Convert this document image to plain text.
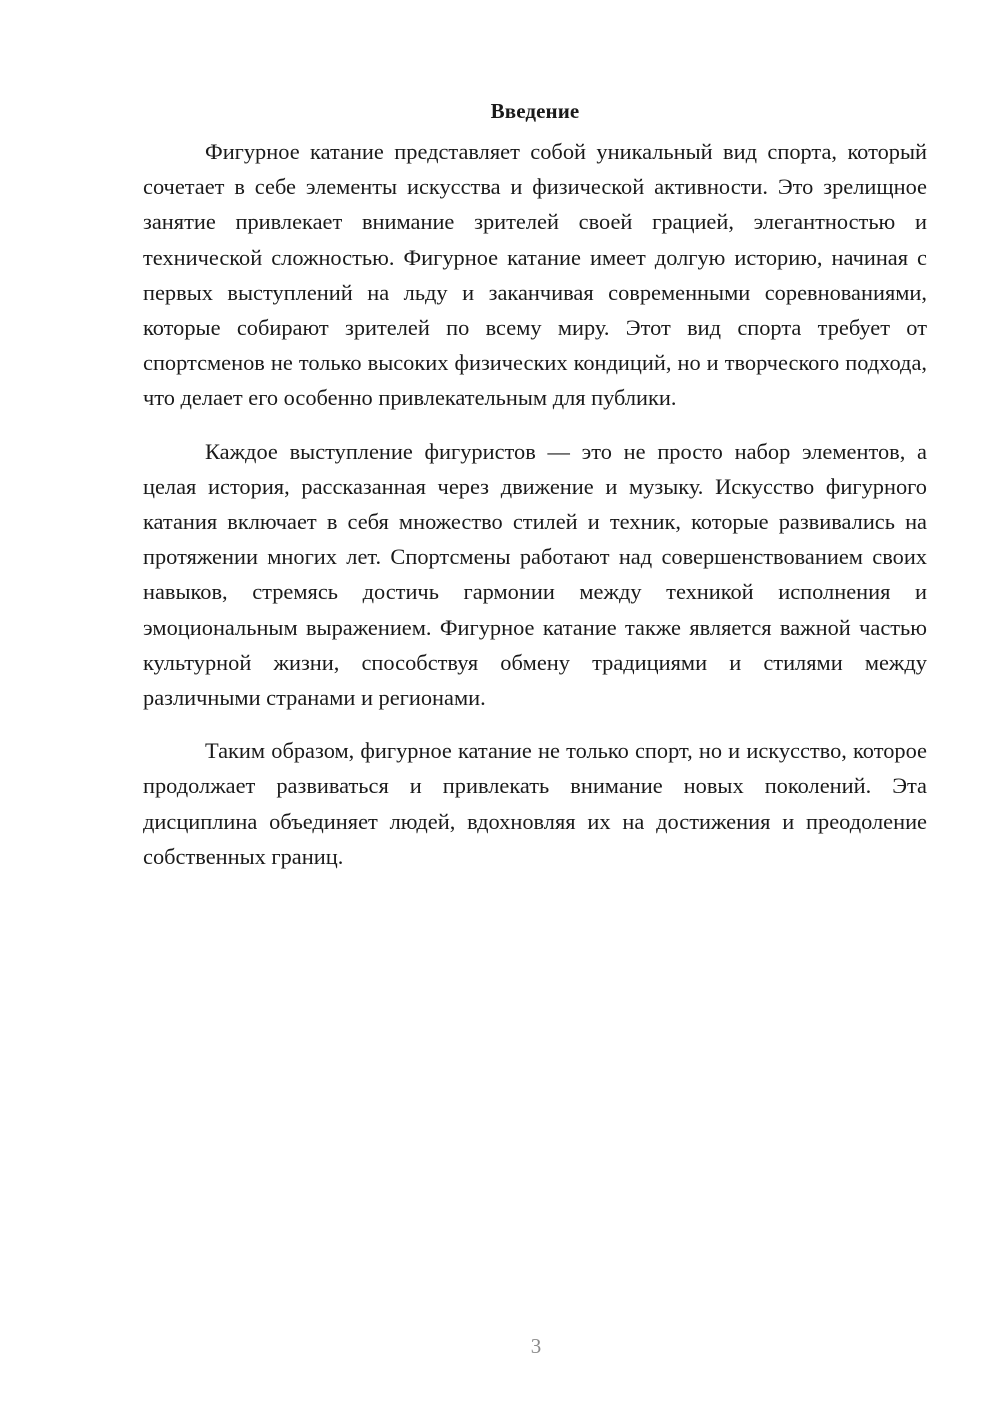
Введение

Фигурное катание представляет собой уникальный вид спорта, который сочетает в себе элементы искусства и физической активности. Это зрелищное занятие привлекает внимание зрителей своей грацией, элегантностью и технической сложностью. Фигурное катание имеет долгую историю, начиная с первых выступлений на льду и заканчивая современными соревнованиями, которые собирают зрителей по всему миру. Этот вид спорта требует от спортсменов не только высоких физических кондиций, но и творческого подхода, что делает его особенно привлекательным для публики.

Каждое выступление фигуристов — это не просто набор элементов, а целая история, рассказанная через движение и музыку. Искусство фигурного катания включает в себя множество стилей и техник, которые развивались на протяжении многих лет. Спортсмены работают над совершенствованием своих навыков, стремясь достичь гармонии между техникой исполнения и эмоциональным выражением. Фигурное катание также является важной частью культурной жизни, способствуя обмену традициями и стилями между различными странами и регионами.

Таким образом, фигурное катание не только спорт, но и искусство, которое продолжает развиваться и привлекать внимание новых поколений. Эта дисциплина объединяет людей, вдохновляя их на достижения и преодоление собственных границ.

3
